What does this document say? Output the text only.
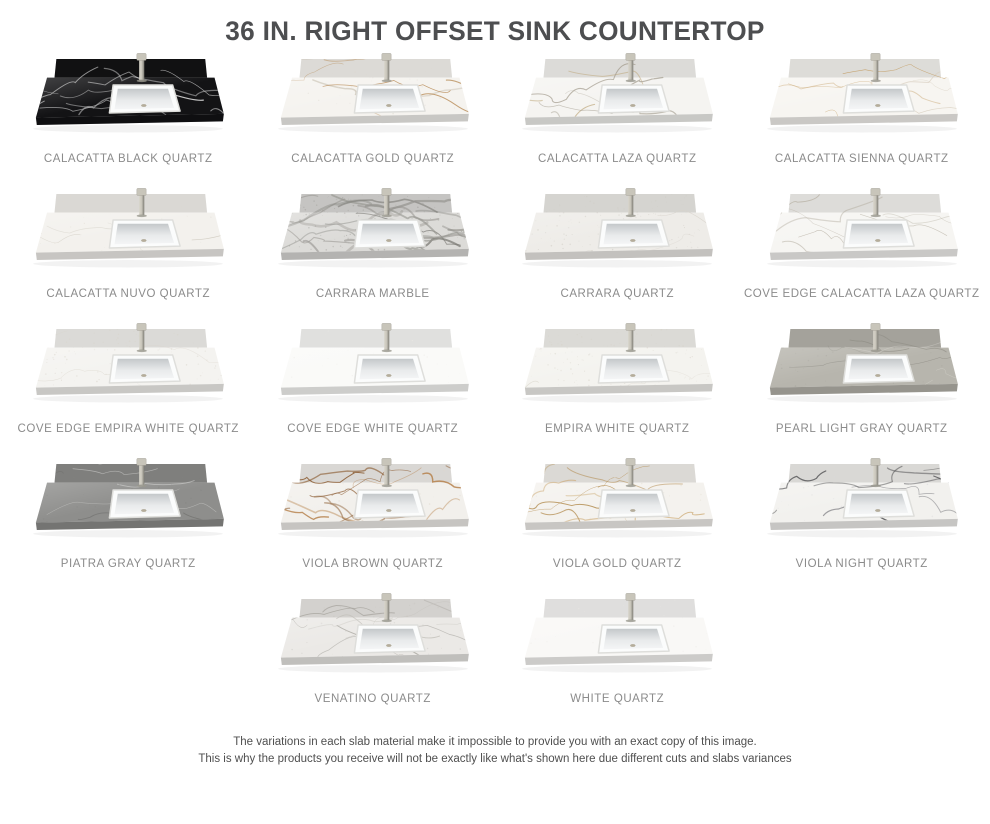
36 IN. RIGHT OFFSET SINK COUNTERTOP
CALACATTA BLACK QUARTZ	CALACATTA GOLD QUARTZ	CALACATTA LAZA QUARTZ	CALACATTA SIENNA QUARTZ
CALACATTA NUVO QUARTZ	CARRARA MARBLE	CARRARA QUARTZ	COVE EDGE CALACATTA LAZA QUARTZ
COVE EDGE EMPIRA WHITE QUARTZ	COVE EDGE WHITE QUARTZ	EMPIRA WHITE QUARTZ	PEARL LIGHT GRAY QUARTZ
PIATRA GRAY QUARTZ	VIOLA BROWN QUARTZ	VIOLA GOLD QUARTZ	VIOLA NIGHT QUARTZ
VENATINO QUARTZ	WHITE QUARTZ
The variations in each slab material make it impossible to provide you with an exact copy of this image.
This is why the products you receive will not be exactly like what's shown here due different cuts and slabs variances
